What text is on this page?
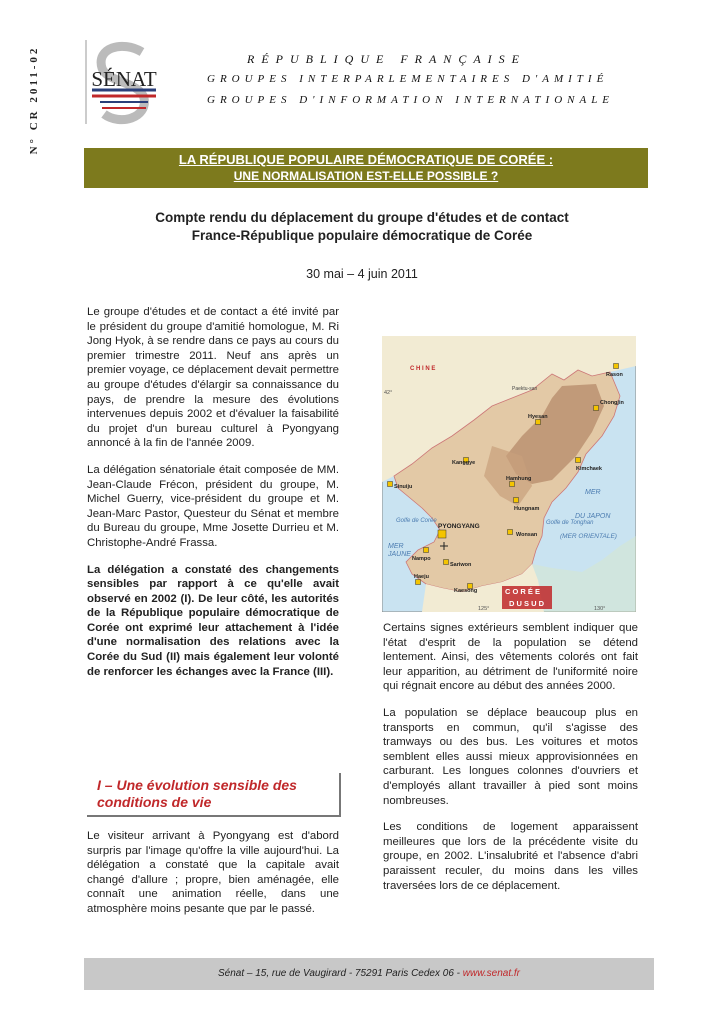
N° CR 2011-02 SÉNAT
RÉPUBLIQUE FRANÇAISE
GROUPES INTERPARLEMENTAIRES D'AMITIÉ
GROUPES D'INFORMATION INTERNATIONALE
LA RÉPUBLIQUE POPULAIRE DÉMOCRATIQUE DE CORÉE :
UNE NORMALISATION EST-ELLE POSSIBLE ?
Compte rendu du déplacement du groupe d'études et de contact
France-République populaire démocratique de Corée
30 mai – 4 juin 2011

Le groupe d'études et de contact a été invité par le président du groupe d'amitié homologue, M. Ri Jong Hyok, à se rendre dans ce pays au cours du premier trimestre 2011. Neuf ans après un premier voyage, ce déplacement devait permettre au groupe d'études d'élargir sa connaissance du pays, de prendre la mesure des évolutions intervenues depuis 2002 et d'évaluer la faisabilité du projet d'un bureau culturel à Pyongyang annoncé à la fin de l'année 2009.

La délégation sénatoriale était composée de MM. Jean-Claude Frécon, président du groupe, M. Michel Guerry, vice-président du groupe et M. Jean-Marc Pastor, Questeur du Sénat et membre du Bureau du groupe, Mme Josette Durrieu et M. Christophe-André Frassa.

La délégation a constaté des changements sensibles par rapport à ce qu'elle avait observé en 2002 (I). De leur côté, les autorités de la République populaire démocratique de Corée ont exprimé leur attachement à l'idée d'une normalisation des relations avec la Corée du Sud (II) mais également leur volonté de renforcer les échanges avec la France (III).

I – Une évolution sensible des conditions de vie

Le visiteur arrivant à Pyongyang est d'abord surpris par l'image qu'offre la ville aujourd'hui. La délégation a constaté que la capitale avait changé d'allure ; propre, bien aménagée, elle connaît une animation réelle, dans une atmosphère moins pesante que par le passé.

C H I N E
D U S U D
MER
DU JAPON
(MER ORIENTALE)
MER
JAUNE
Golfe de Corée	Golfe de Tonghan
42°
130°
125°
Paektu-san
Chongjin
Hyesan
Kanggye
Kimchaek
Sinuiju
Hamhung
Hungnam
PYONGYANG
Wonsan
Nampo
Sariwon
Haeju
Kaesong
Rason
C O R É E

Certains signes extérieurs semblent indiquer que l'état d'esprit de la population se détend lentement. Ainsi, des vêtements colorés ont fait leur apparition, au détriment de l'uniformité noire qui régnait encore au début des années 2000.

La population se déplace beaucoup plus en transports en commun, qu'il s'agisse des tramways ou des bus. Les voitures et motos semblent elles aussi mieux approvisionnées en carburant. Les longues colonnes d'ouvriers et d'employés allant travailler à pied sont moins nombreuses.

Les conditions de logement apparaissent meilleures que lors de la précédente visite du groupe, en 2002. L'insalubrité et l'absence d'abri paraissent reculer, du moins dans les villes traversées lors de ce déplacement.

Sénat – 15, rue de Vaugirard - 75291 Paris Cedex 06 - www.senat.fr
